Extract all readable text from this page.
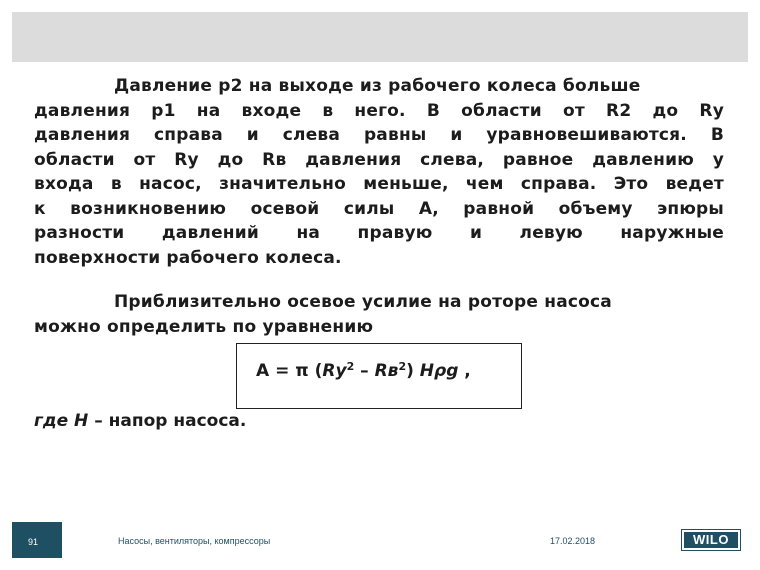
Давление р2 на выходе из рабочего колеса больше
давления р1 на входе в него. В области от R2 до Rу
давления справа и слева равны и уравновешиваются. В
области от Rу до Rв давления слева, равное давлению у
входа в насос, значительно меньше, чем справа. Это ведет
к возникновению осевой силы А, равной объему эпюры
разности давлений на правую и левую наружные
поверхности рабочего колеса.
Приблизительно осевое усилие на роторе насоса
можно определить по уравнению
А = π $(Rу^2 - Rв^2)$ Нρg ,
где Н – напор насоса.
91	Насосы, вентиляторы, компрессоры	17.02.2018	WILO
